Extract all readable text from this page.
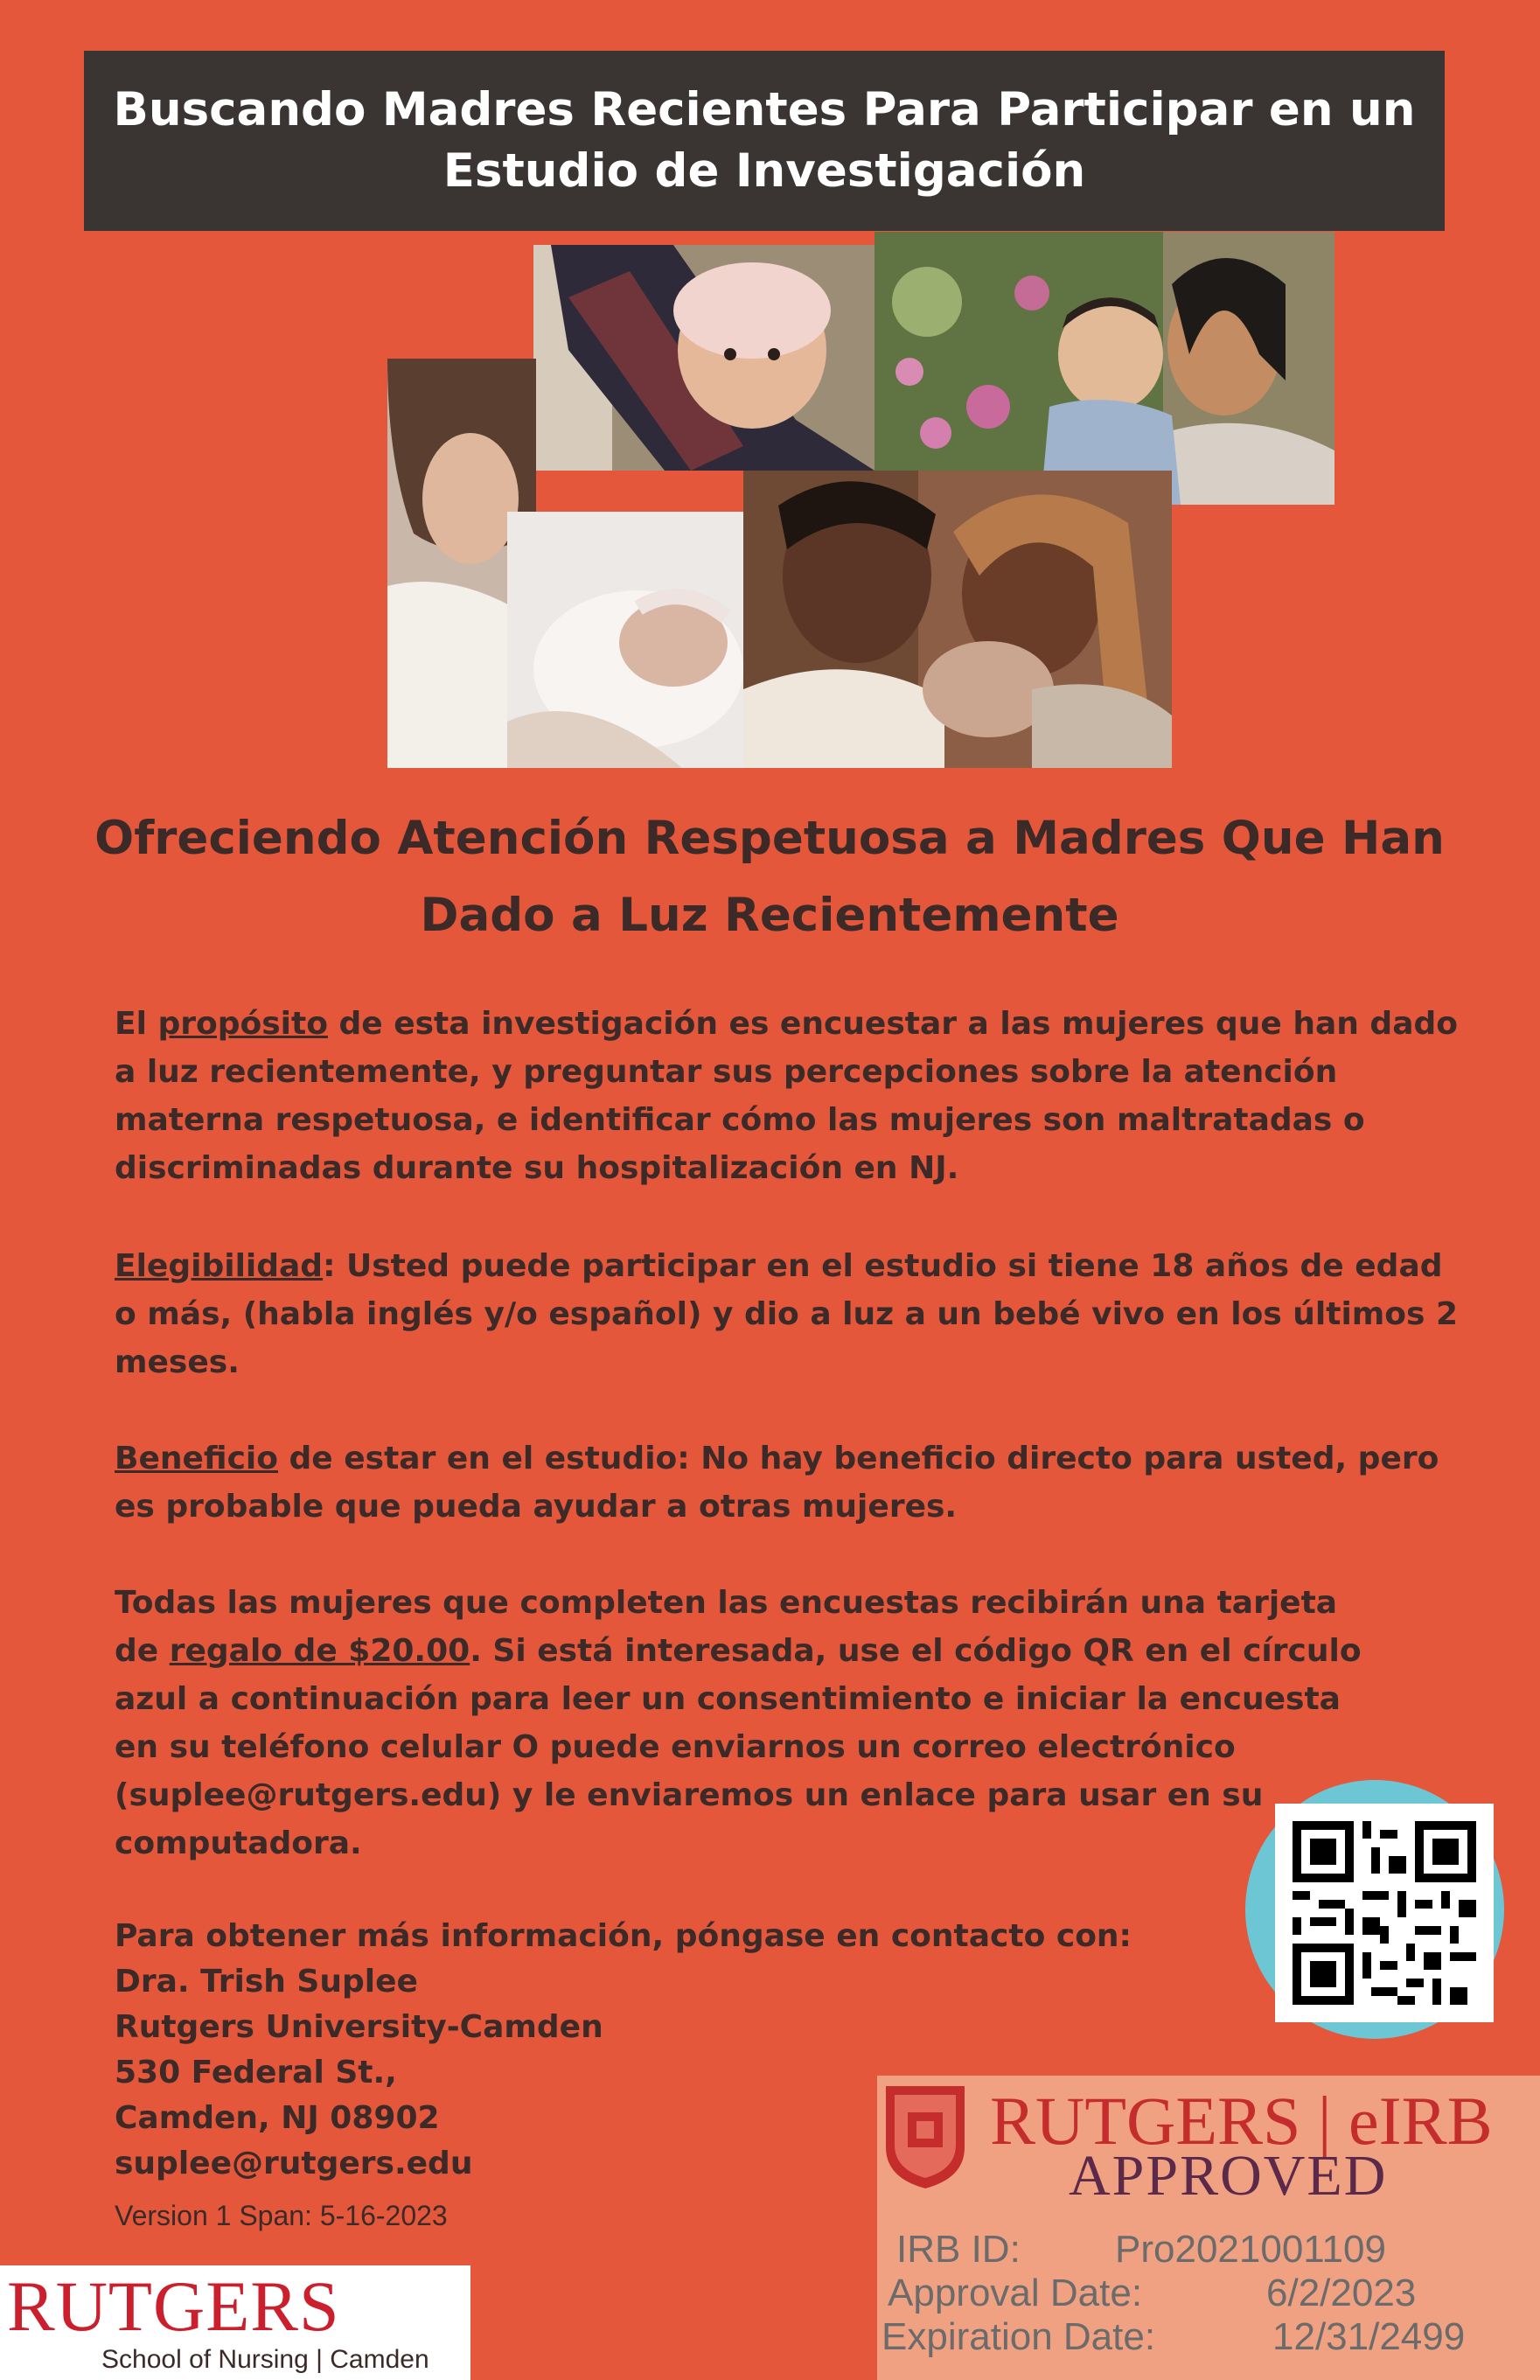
Buscando Madres Recientes Para Participar en un Estudio de Investigación
Ofreciendo Atención Respetuosa a Madres Que Han Dado a Luz Recientemente

El propósito de esta investigación es encuestar a las mujeres que han dado a luz recientemente, y preguntar sus percepciones sobre la atención materna respetuosa, e identificar cómo las mujeres son maltratadas o discriminadas durante su hospitalización en NJ.

Elegibilidad: Usted puede participar en el estudio si tiene 18 años de edad o más, (habla inglés y/o español) y dio a luz a un bebé vivo en los últimos 2 meses.

Beneficio de estar en el estudio: No hay beneficio directo para usted, pero es probable que pueda ayudar a otras mujeres.

Todas las mujeres que completen las encuestas recibirán una tarjeta de regalo de $20.00. Si está interesada, use el código QR en el círculo azul a continuación para leer un consentimiento e iniciar la encuesta en su teléfono celular O puede enviarnos un correo electrónico (suplee@rutgers.edu) y le enviaremos un enlace para usar en su computadora.

Para obtener más información, póngase en contacto con:
Dra. Trish Suplee
Rutgers University-Camden
530 Federal St.,
Camden, NJ 08902
suplee@rutgers.edu
Version 1 Span: 5-16-2023
RUTGERS
School of Nursing | Camden
RUTGERS | eIRB
APPROVED
IRB ID: Pro2021001109
Approval Date:	6/2/2023
Expiration Date:	12/31/2499
